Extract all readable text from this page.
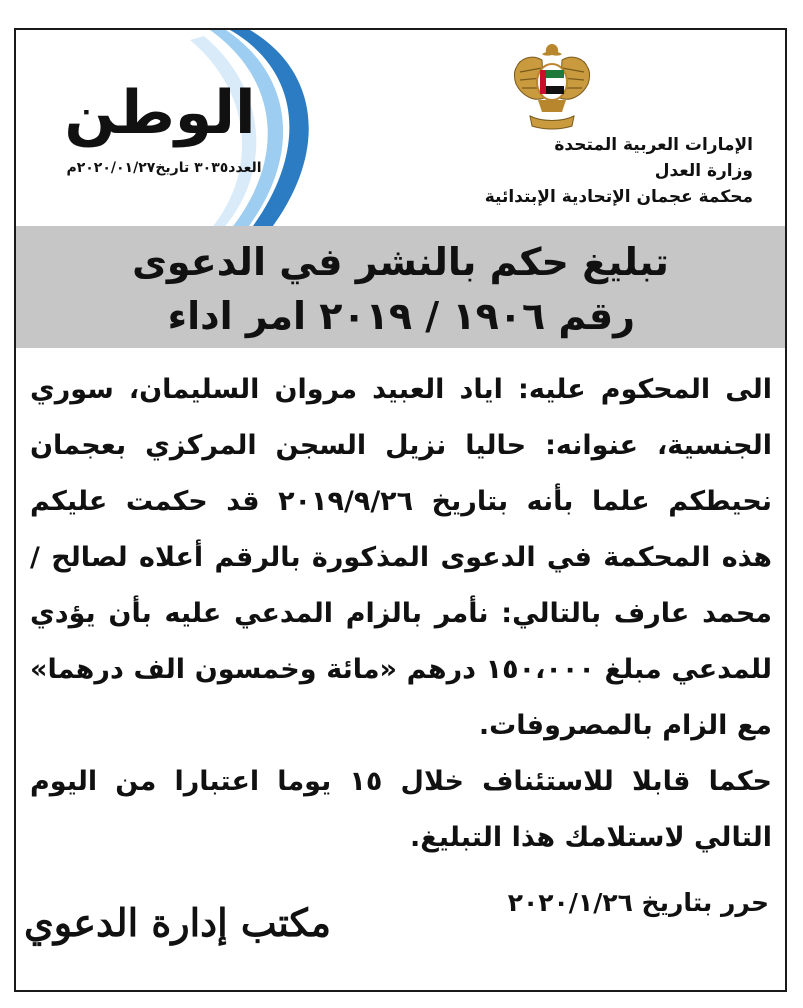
الإمارات العربية المتحدة
وزارة العدل
محكمة عجمان الإتحادية الإبتدائية
الوطن
العدد٣٠٣٥ تاريخ٢٠٢٠/٠١/٢٧م
تبليغ حكم بالنشر في الدعوى
رقم ١٩٠٦ / ٢٠١٩ امر اداء
الى المحكوم عليه: اياد العبيد مروان السليمان، سوري
الجنسية، عنوانه: حاليا نزيل السجن المركزي بعجمان
نحيطكم علما بأنه بتاريخ ٢٠١٩/٩/٢٦ قد حكمت عليكم
هذه المحكمة في الدعوى المذكورة بالرقم أعلاه لصالح /
محمد عارف بالتالي: نأمر بالزام المدعي عليه بأن يؤدي
للمدعي مبلغ ١٥٠،٠٠٠ درهم «مائة وخمسون الف درهما»
مع الزام بالمصروفات.
حكما قابلا للاستئناف خلال ١٥ يوما اعتبارا من اليوم
التالي لاستلامك هذا التبليغ.
حرر بتاريخ ٢٠٢٠/١/٢٦
مكتب إدارة الدعوي
